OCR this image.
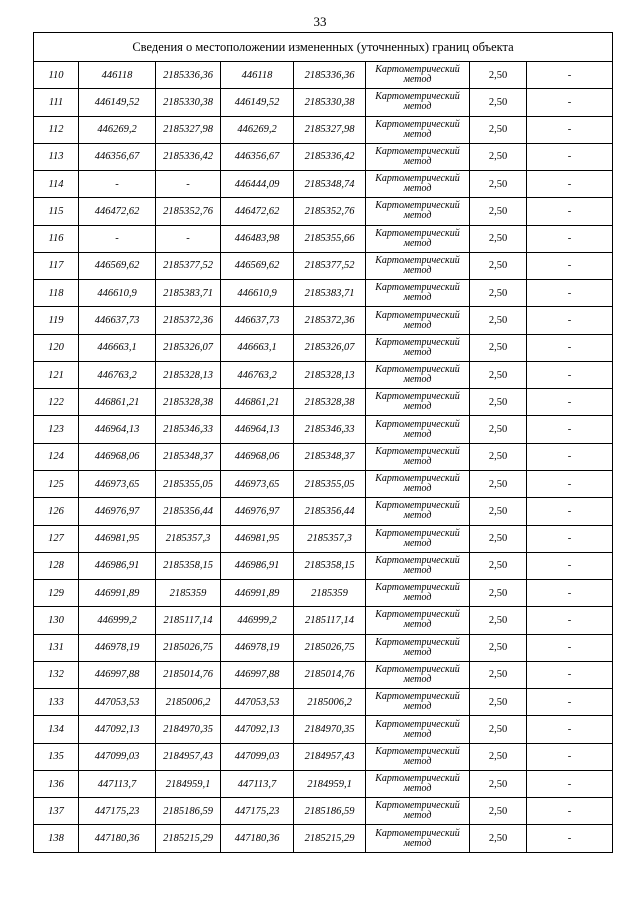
33
Сведения о местоположении измененных (уточненных) границ объекта							
110	446118	2185336,36	446118	2185336,36	Картометрический метод	2,50	-
111	446149,52	2185330,38	446149,52	2185330,38	Картометрический метод	2,50	-
112	446269,2	2185327,98	446269,2	2185327,98	Картометрический метод	2,50	-
113	446356,67	2185336,42	446356,67	2185336,42	Картометрический метод	2,50	-
114	-	-	446444,09	2185348,74	Картометрический метод	2,50	-
115	446472,62	2185352,76	446472,62	2185352,76	Картометрический метод	2,50	-
116	-	-	446483,98	2185355,66	Картометрический метод	2,50	-
117	446569,62	2185377,52	446569,62	2185377,52	Картометрический метод	2,50	-
118	446610,9	2185383,71	446610,9	2185383,71	Картометрический метод	2,50	-
119	446637,73	2185372,36	446637,73	2185372,36	Картометрический метод	2,50	-
120	446663,1	2185326,07	446663,1	2185326,07	Картометрический метод	2,50	-
121	446763,2	2185328,13	446763,2	2185328,13	Картометрический метод	2,50	-
122	446861,21	2185328,38	446861,21	2185328,38	Картометрический метод	2,50	-
123	446964,13	2185346,33	446964,13	2185346,33	Картометрический метод	2,50	-
124	446968,06	2185348,37	446968,06	2185348,37	Картометрический метод	2,50	-
125	446973,65	2185355,05	446973,65	2185355,05	Картометрический метод	2,50	-
126	446976,97	2185356,44	446976,97	2185356,44	Картометрический метод	2,50	-
127	446981,95	2185357,3	446981,95	2185357,3	Картометрический метод	2,50	-
128	446986,91	2185358,15	446986,91	2185358,15	Картометрический метод	2,50	-
129	446991,89	2185359	446991,89	2185359	Картометрический метод	2,50	-
130	446999,2	2185117,14	446999,2	2185117,14	Картометрический метод	2,50	-
131	446978,19	2185026,75	446978,19	2185026,75	Картометрический метод	2,50	-
132	446997,88	2185014,76	446997,88	2185014,76	Картометрический метод	2,50	-
133	447053,53	2185006,2	447053,53	2185006,2	Картометрический метод	2,50	-
134	447092,13	2184970,35	447092,13	2184970,35	Картометрический метод	2,50	-
135	447099,03	2184957,43	447099,03	2184957,43	Картометрический метод	2,50	-
136	447113,7	2184959,1	447113,7	2184959,1	Картометрический метод	2,50	-
137	447175,23	2185186,59	447175,23	2185186,59	Картометрический метод	2,50	-
138	447180,36	2185215,29	447180,36	2185215,29	Картометрический метод	2,50	-
